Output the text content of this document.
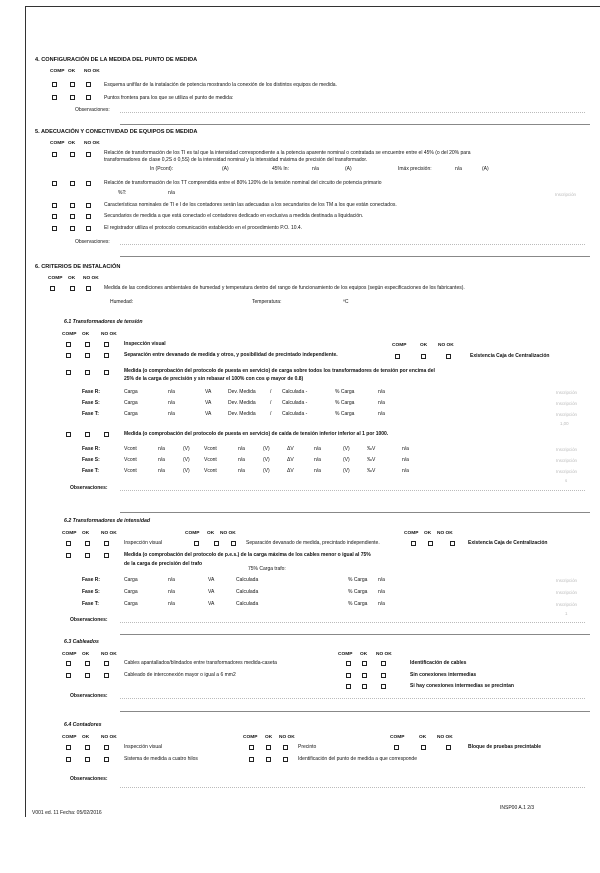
4. CONFIGURACIÓN DE LA MEDIDA DEL PUNTO DE MEDIDA
COMP OK NO OK
Esquema unifilar de la instalación de potencia mostrando la conexión de los distintos equipos de medida.
Puntos frontera para los que se utiliza el punto de medida:
Observaciones:
5. ADECUACIÓN Y CONECTIVIDAD DE EQUIPOS DE MEDIDA
COMP OK NO OK
Relación de transformación de los TI es tal que la intensidad correspondiente a la potencia aparente nominal o contratada se encuentre entre el 45% (o del 20% para
transformadores de clase 0,2S ó 0,5S) de la intensidad nominal y la intensidad máxima de precisión del transformador.
In (Pcont):	(A)	45% In:	n/a	(A)	Imáx precisión:	n/a	(A)
Relación de transformación de los TT comprendida entre el 80% 120% de la tensión nominal del circuito de potencia primario
%T:	n/a	Inscripción
Características nominales de TI e I de los contadores serán las adecuadas a los secundarios de los TM a los que están conectados.
Secundarios de medida a que está conectado el contadores dedicado en exclusiva a medida destinada a liquidación.
El registrador utiliza el protocolo comunicación establecido en el procedimiento P.O. 10.4.
Observaciones:
6. CRITERIOS DE INSTALACIÓN
COMP OK NO OK
Medida de las condiciones ambientales de humedad y temperatura dentro del rango de funcionamiento de los equipos (según especificaciones de los fabricantes).
Humedad:	Temperatura:	ºC
6.1 Transformadores de tensión
COMP OK NO OK
Inspección visual	COMP	OK NO OK
Separación entre devanado de medida y otros, y posibilidad de precintado independiente.	Existencia Caja de Centralización
Medida (o comprobación del protocolo de puesta en servicio) de carga sobre todos los transformadores de tensión por encima del
25% de la carga de precisión y sin rebasar el 100% con cos φ mayor de 0.8)
Fase R:	Carga	n/a	VA	Dev. Medida	/ Calculada -	% Carga	n/a	Inscripción
Fase S:	Carga	n/a	VA	Dev. Medida	/ Calculada -	% Carga	n/a	Inscripción
Fase T:	Carga	n/a	VA	Dev. Medida	/ Calculada -	% Carga	n/a	Inscripción
1,00
Medida (o comprobación del protocolo de puesta en servicio) de caída de tensión inferior inferior al 1 por 1000.
Fase R:	Vcont	n/a	(V)	Vcont	n/a	(V)	ΔV	n/a	(V)	‰V	n/a	Inscripción
Fase S:	Vcont	n/a	(V)	Vcont	n/a	(V)	ΔV	n/a	(V)	‰V	n/a	Inscripción
Fase T:	Vcont	n/a	(V)	Vcont	n/a	(V)	ΔV	n/a	(V)	‰V	n/a	Inscripción
s
Observaciones:
6.2 Transformadores de intensidad
COMP OK NO OK	COMP OK NO OK	COMP OK NO OK
Inspección visual	Separación devanado de medida, precintado independiente.	Existencia Caja de Centralización
Medida (o comprobación del protocolo de p.e.s.) de la carga máxima de los cables menor o igual al 75%
de la carga de precisión del trafo
75% Carga trafo:
Fase R:	Carga	n/a	VA	Calculada	% Carga n/a	Inscripción
Fase S:	Carga	n/a	VA	Calculada	% Carga n/a	Inscripción
Fase T:	Carga	n/a	VA	Calculada	% Carga n/a	Inscripción
1
Observaciones:
6.3 Cableados
COMP OK NO OK	COMP OK NO OK
Cables apantallados/blindados entre transformadores medida-caseta	Identificación de cables
Cableado de interconexión mayor o igual a 6 mm2	Sin conexiones intermedias
Si hay conexiones intermedias se precintan
Observaciones:
6.4 Contadores
COMP OK NO OK	COMP OK NO OK	COMP	OK NO OK
Inspección visual	Precinto	Bloque de pruebas precintable
Sistema de medida a cuatro hilos	Identificación del punto de medida a que corresponde
Observaciones:
V001 ed. 11 Fecha: 05/02/2016
INSP00 A.1 2/3
